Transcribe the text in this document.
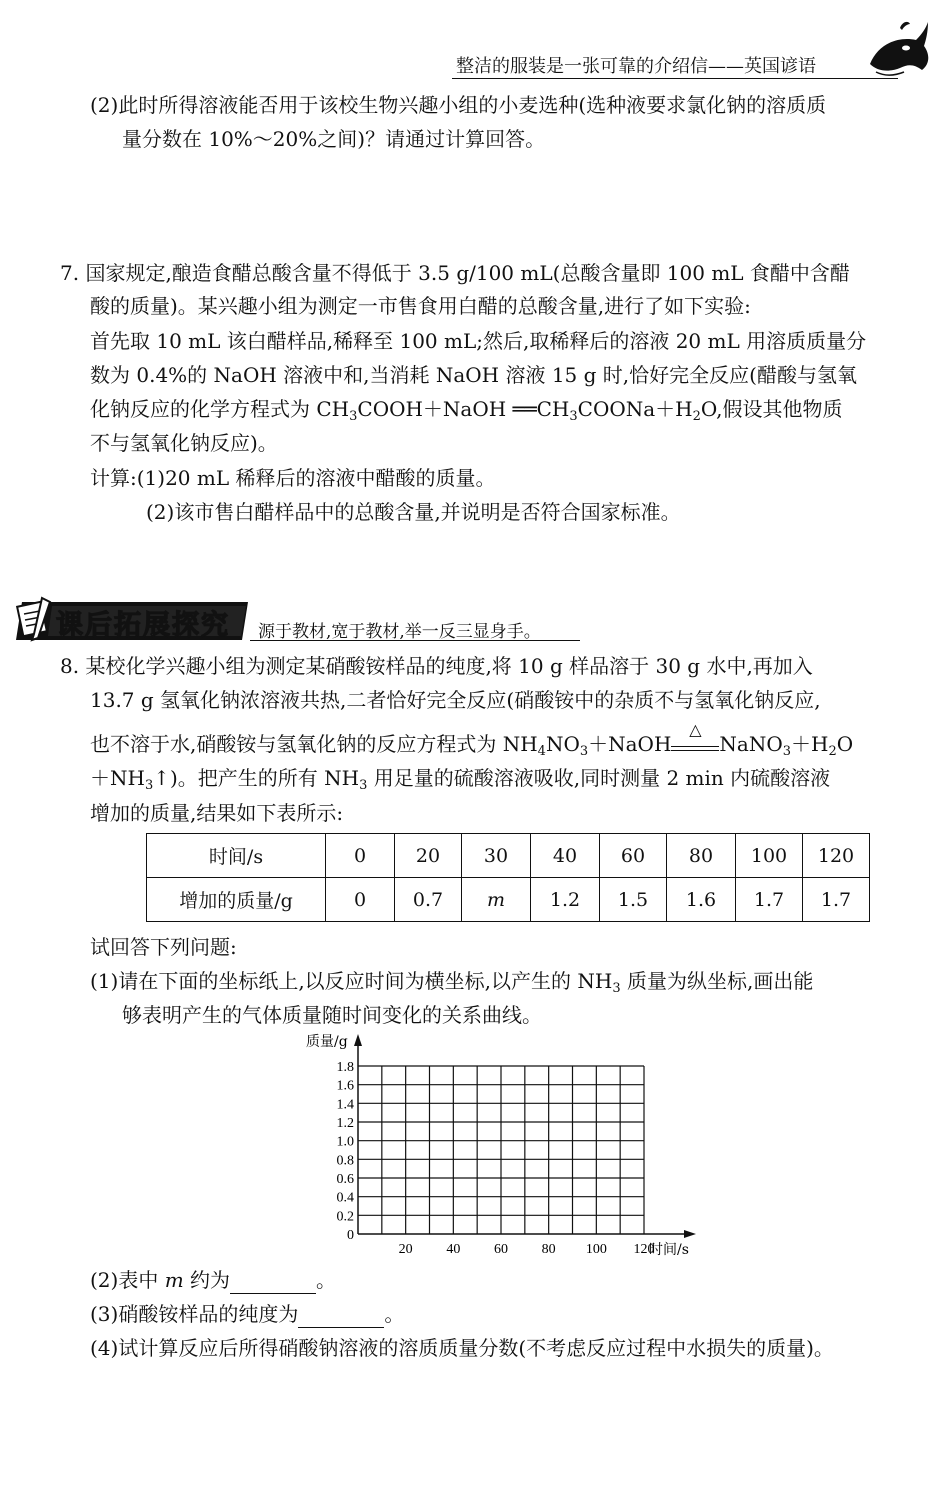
整洁的服装是一张可靠的介绍信——英国谚语
(2)此时所得溶液能否用于该校生物兴趣小组的小麦选种(选种液要求氯化钠的溶质质
量分数在 10%～20%之间)？请通过计算回答。
7. 国家规定,酿造食醋总酸含量不得低于 3.5 g/100 mL(总酸含量即 100 mL 食醋中含醋
酸的质量)。某兴趣小组为测定一市售食用白醋的总酸含量,进行了如下实验:
首先取 10 mL 该白醋样品,稀释至 100 mL;然后,取稀释后的溶液 20 mL 用溶质质量分
数为 0.4%的 NaOH 溶液中和,当消耗 NaOH 溶液 15 g 时,恰好完全反应(醋酸与氢氧
化钠反应的化学方程式为 $CH_3COOH+NaOH$ $══CH_3COONa+H_2O$,假设其他物质
不与氢氧化钠反应)。
计算:(1)20 mL 稀释后的溶液中醋酸的质量。
(2)该市售白醋样品中的总酸含量,并说明是否符合国家标准。
课后拓展探究 源于教材,宽于教材,举一反三显身手。
8. 某校化学兴趣小组为测定某硝酸铵样品的纯度,将 10 g 样品溶于 30 g 水中,再加入
13.7 g 氢氧化钠浓溶液共热,二者恰好完全反应(硝酸铵中的杂质不与氢氧化钠反应,
也不溶于水,硝酸铵与氢氧化钠的反应方程式为 $NH_4NO_3+NaOH$
△
$NaNO_3+H_2O$
$+NH_3↑$)。把产生的所有 $NH_3$ 用足量的硫酸溶液吸收,同时测量 2 min 内硫酸溶液
增加的质量,结果如下表所示:
时间/s	0	20	30	40	60	80	100	120
增加的质量/g	0	0.7	m	1.2	1.5	1.6	1.7	1.7
试回答下列问题:
(1)请在下面的坐标纸上,以反应时间为横坐标,以产生的 $NH_3$ 质量为纵坐标,画出能
够表明产生的气体质量随时间变化的关系曲线。
0
0.2
0.4
0.6
0.8
1.0
1.2
1.4
1.6
1.8
20 40 60 80 100 120
时间/s
质量/g
(2)表中 m 约为	。
(3)硝酸铵样品的纯度为	。
(4)试计算反应后所得硝酸钠溶液的溶质质量分数(不考虑反应过程中水损失的质量)。
